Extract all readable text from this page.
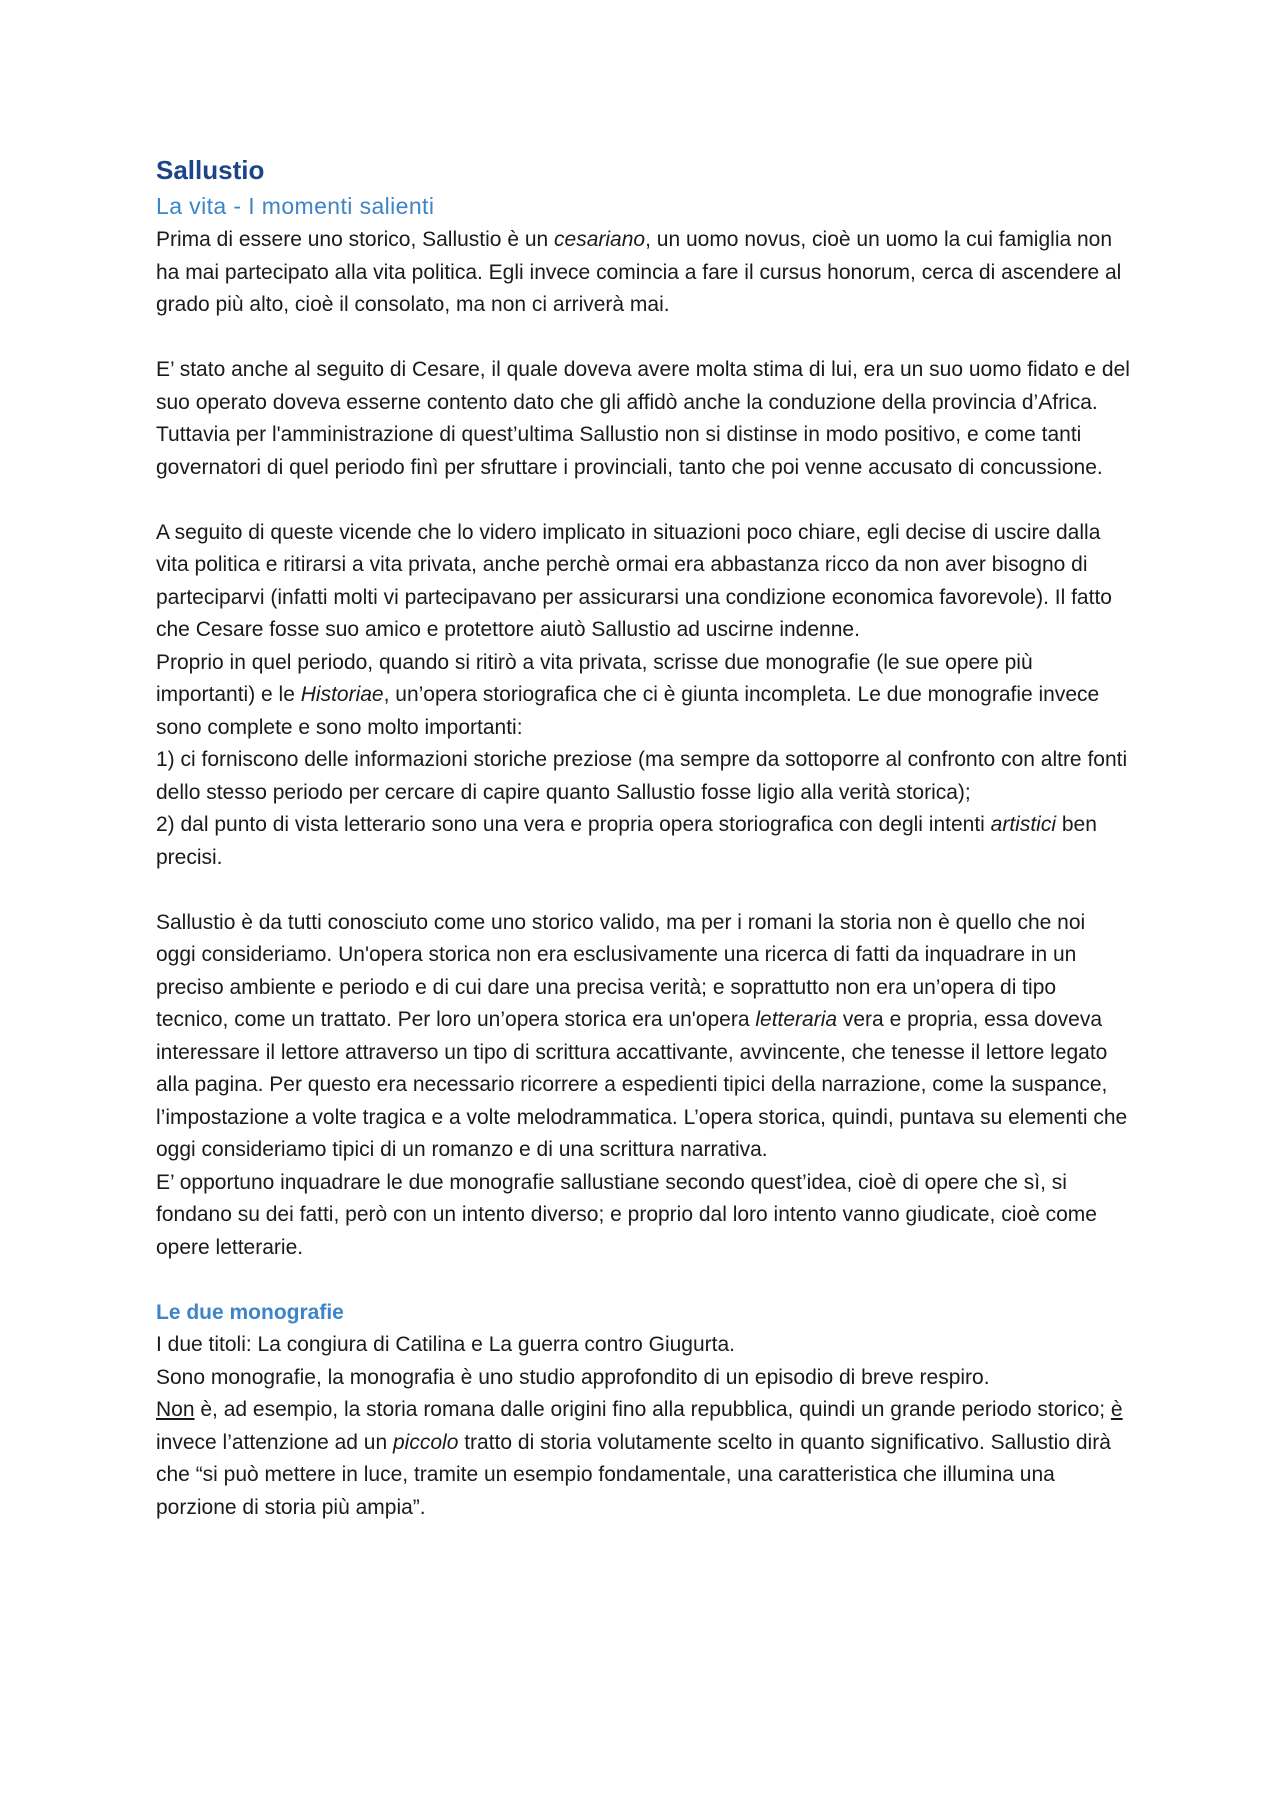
Sallustio
La vita - I momenti salienti

Prima di essere uno storico, Sallustio è un cesariano, un uomo novus, cioè un uomo la cui famiglia non ha mai partecipato alla vita politica. Egli invece comincia a fare il cursus honorum, cerca di ascendere al grado più alto, cioè il consolato, ma non ci arriverà mai.

E’ stato anche al seguito di Cesare, il quale doveva avere molta stima di lui, era un suo uomo fidato e del suo operato doveva esserne contento dato che gli affidò anche la conduzione della provincia d’Africa. Tuttavia per l'amministrazione di quest’ultima Sallustio non si distinse in modo positivo, e come tanti governatori di quel periodo finì per sfruttare i provinciali, tanto che poi venne accusato di concussione.

A seguito di queste vicende che lo videro implicato in situazioni poco chiare, egli decise di uscire dalla vita politica e ritirarsi a vita privata, anche perchè ormai era abbastanza ricco da non aver bisogno di parteciparvi (infatti molti vi partecipavano per assicurarsi una condizione economica favorevole). Il fatto che Cesare fosse suo amico e protettore aiutò Sallustio ad uscirne indenne.

Proprio in quel periodo, quando si ritirò a vita privata, scrisse due monografie (le sue opere più importanti) e le Historiae, un’opera storiografica che ci è giunta incompleta. Le due monografie invece sono complete e sono molto importanti:

1) ci forniscono delle informazioni storiche preziose (ma sempre da sottoporre al confronto con altre fonti dello stesso periodo per cercare di capire quanto Sallustio fosse ligio alla verità storica);

2) dal punto di vista letterario sono una vera e propria opera storiografica con degli intenti artistici ben precisi.

Sallustio è da tutti conosciuto come uno storico valido, ma per i romani la storia non è quello che noi oggi consideriamo. Un'opera storica non era esclusivamente una ricerca di fatti da inquadrare in un preciso ambiente e periodo e di cui dare una precisa verità; e soprattutto non era un’opera di tipo tecnico, come un trattato. Per loro un’opera storica era un'opera letteraria vera e propria, essa doveva interessare il lettore attraverso un tipo di scrittura accattivante, avvincente, che tenesse il lettore legato alla pagina. Per questo era necessario ricorrere a espedienti tipici della narrazione, come la suspance, l’impostazione a volte tragica e a volte melodrammatica. L’opera storica, quindi, puntava su elementi che oggi consideriamo tipici di un romanzo e di una scrittura narrativa.

E’ opportuno inquadrare le due monografie sallustiane secondo quest’idea, cioè di opere che sì, si fondano su dei fatti, però con un intento diverso; e proprio dal loro intento vanno giudicate, cioè come opere letterarie.

Le due monografie

I due titoli: La congiura di Catilina e La guerra contro Giugurta.

Sono monografie, la monografia è uno studio approfondito di un episodio di breve respiro.

Non è, ad esempio, la storia romana dalle origini fino alla repubblica, quindi un grande periodo storico; è invece l’attenzione ad un piccolo tratto di storia volutamente scelto in quanto significativo. Sallustio dirà che “si può mettere in luce, tramite un esempio fondamentale, una caratteristica che illumina una porzione di storia più ampia”.
